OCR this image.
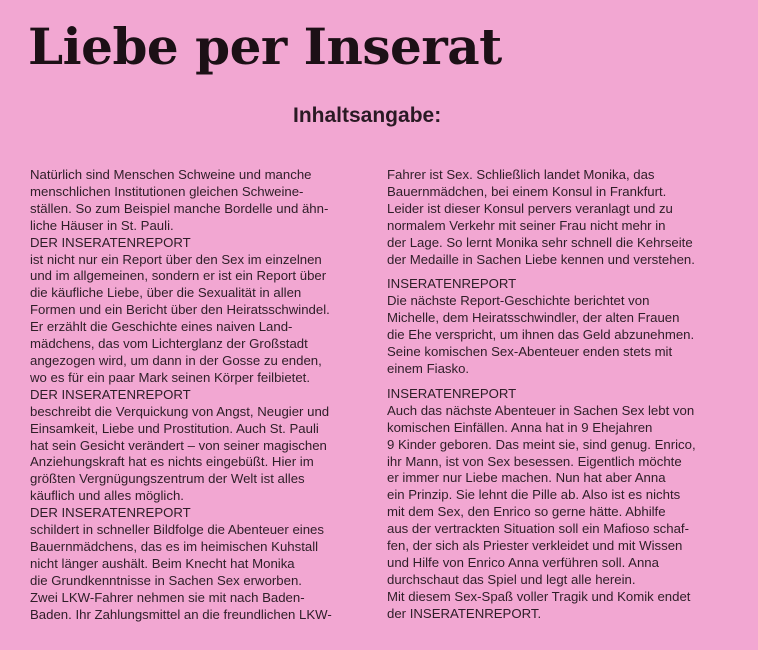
Liebe per Inserat
Inhaltsangabe:
Natürlich sind Menschen Schweine und manche
menschlichen Institutionen gleichen Schweine-
ställen. So zum Beispiel manche Bordelle und ähn-
liche Häuser in St. Pauli.
DER INSERATENREPORT
ist nicht nur ein Report über den Sex im einzelnen
und im allgemeinen, sondern er ist ein Report über
die käufliche Liebe, über die Sexualität in allen
Formen und ein Bericht über den Heiratsschwindel.
Er erzählt die Geschichte eines naiven Land-
mädchens, das vom Lichterglanz der Großstadt
angezogen wird, um dann in der Gosse zu enden,
wo es für ein paar Mark seinen Körper feilbietet.
DER INSERATENREPORT
beschreibt die Verquickung von Angst, Neugier und
Einsamkeit, Liebe und Prostitution. Auch St. Pauli
hat sein Gesicht verändert – von seiner magischen
Anziehungskraft hat es nichts eingebüßt. Hier im
größten Vergnügungszentrum der Welt ist alles
käuflich und alles möglich.
DER INSERATENREPORT
schildert in schneller Bildfolge die Abenteuer eines
Bauernmädchens, das es im heimischen Kuhstall
nicht länger aushält. Beim Knecht hat Monika
die Grundkenntnisse in Sachen Sex erworben.
Zwei LKW-Fahrer nehmen sie mit nach Baden-
Baden. Ihr Zahlungsmittel an die freundlichen LKW-
Fahrer ist Sex. Schließlich landet Monika, das
Bauernmädchen, bei einem Konsul in Frankfurt.
Leider ist dieser Konsul pervers veranlagt und zu
normalem Verkehr mit seiner Frau nicht mehr in
der Lage. So lernt Monika sehr schnell die Kehrseite
der Medaille in Sachen Liebe kennen und verstehen.
INSERATENREPORT
Die nächste Report-Geschichte berichtet von
Michelle, dem Heiratsschwindler, der alten Frauen
die Ehe verspricht, um ihnen das Geld abzunehmen.
Seine komischen Sex-Abenteuer enden stets mit
einem Fiasko.
INSERATENREPORT
Auch das nächste Abenteuer in Sachen Sex lebt von
komischen Einfällen. Anna hat in 9 Ehejahren
9 Kinder geboren. Das meint sie, sind genug. Enrico,
ihr Mann, ist von Sex besessen. Eigentlich möchte
er immer nur Liebe machen. Nun hat aber Anna
ein Prinzip. Sie lehnt die Pille ab. Also ist es nichts
mit dem Sex, den Enrico so gerne hätte. Abhilfe
aus der vertrackten Situation soll ein Mafioso schaf-
fen, der sich als Priester verkleidet und mit Wissen
und Hilfe von Enrico Anna verführen soll. Anna
durchschaut das Spiel und legt alle herein.
Mit diesem Sex-Spaß voller Tragik und Komik endet
der INSERATENREPORT.
